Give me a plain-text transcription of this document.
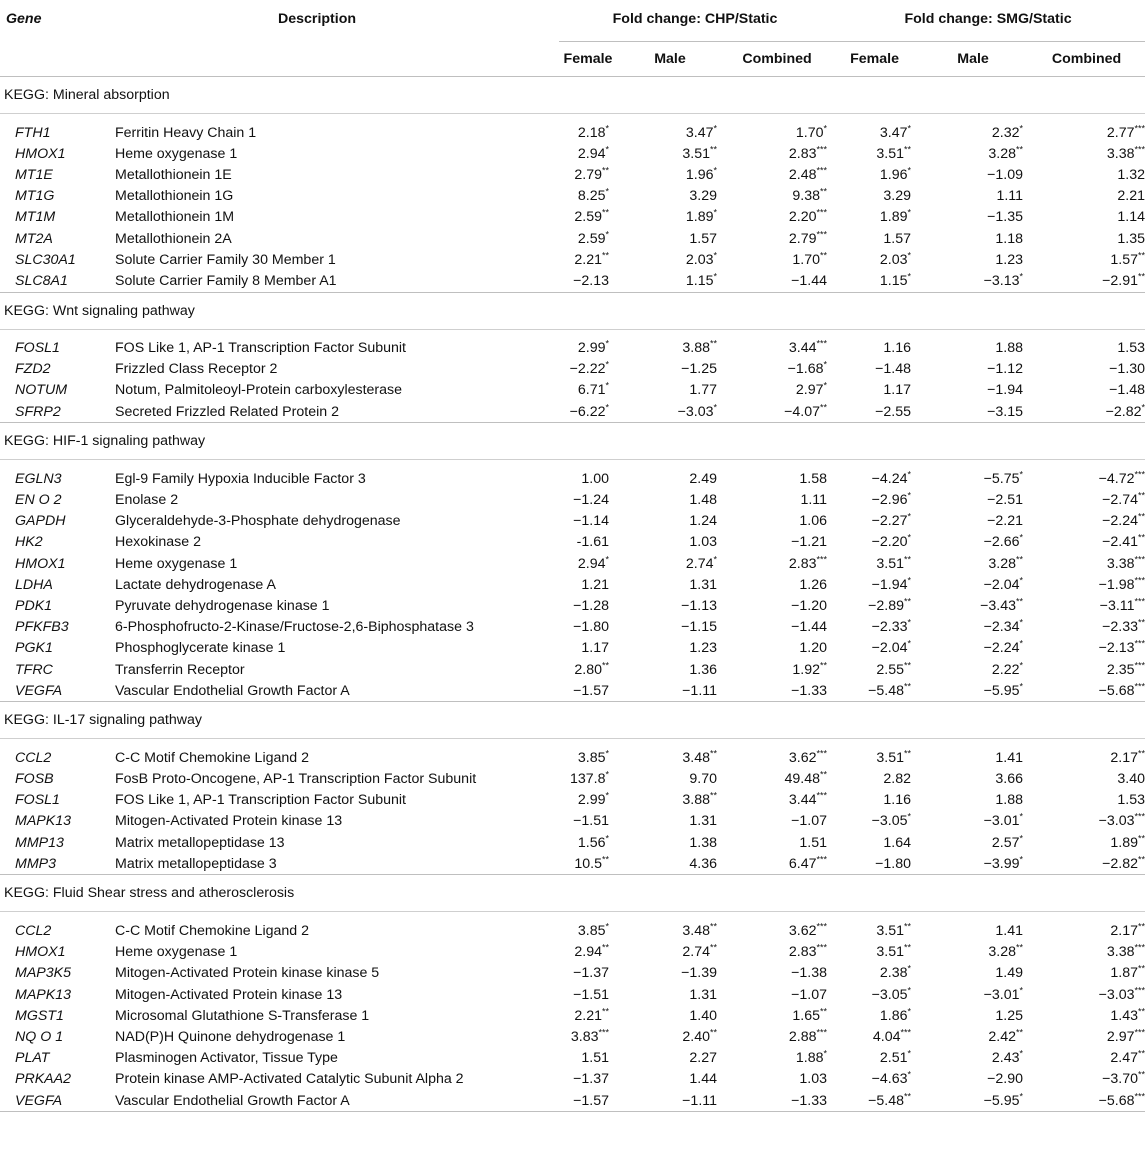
Gene	Description	Fold change: CHP/Static			Fold change: SMG/Static		
		Female	Male	Combined	Female	Male	Combined
KEGG: Mineral absorption							

FTH1	Ferritin Heavy Chain 1	2.18*	3.47*	1.70*	3.47*	2.32*	2.77***
HMOX1	Heme oxygenase 1	2.94*	3.51**	2.83***	3.51**	3.28**	3.38***
MT1E	Metallothionein 1E	2.79**	1.96*	2.48***	1.96*	−1.09	1.32
MT1G	Metallothionein 1G	8.25*	3.29	9.38**	3.29	1.11	2.21
MT1M	Metallothionein 1M	2.59**	1.89*	2.20***	1.89*	−1.35	1.14
MT2A	Metallothionein 2A	2.59*	1.57	2.79***	1.57	1.18	1.35
SLC30A1	Solute Carrier Family 30 Member 1	2.21**	2.03*	1.70**	2.03*	1.23	1.57**
SLC8A1	Solute Carrier Family 8 Member A1	−2.13	1.15*	−1.44	1.15*	−3.13*	−2.91**
KEGG: Wnt signaling pathway							

FOSL1	FOS Like 1, AP-1 Transcription Factor Subunit	2.99*	3.88**	3.44***	1.16	1.88	1.53
FZD2	Frizzled Class Receptor 2	−2.22*	−1.25	−1.68*	−1.48	−1.12	−1.30
NOTUM	Notum, Palmitoleoyl-Protein carboxylesterase	6.71*	1.77	2.97*	1.17	−1.94	−1.48
SFRP2	Secreted Frizzled Related Protein 2	−6.22*	−3.03*	−4.07**	−2.55	−3.15	−2.82*
KEGG: HIF-1 signaling pathway							

EGLN3	Egl-9 Family Hypoxia Inducible Factor 3	1.00	2.49	1.58	−4.24*	−5.75*	−4.72***
EN O 2	Enolase 2	−1.24	1.48	1.11	−2.96*	−2.51	−2.74**
GAPDH	Glyceraldehyde-3-Phosphate dehydrogenase	−1.14	1.24	1.06	−2.27*	−2.21	−2.24**
HK2	Hexokinase 2	-1.61	1.03	−1.21	−2.20*	−2.66*	−2.41**
HMOX1	Heme oxygenase 1	2.94*	2.74*	2.83***	3.51**	3.28**	3.38***
LDHA	Lactate dehydrogenase A	1.21	1.31	1.26	−1.94*	−2.04*	−1.98***
PDK1	Pyruvate dehydrogenase kinase 1	−1.28	−1.13	−1.20	−2.89**	−3.43**	−3.11***
PFKFB3	6-Phosphofructo-2-Kinase/Fructose-2,6-Biphosphatase 3	−1.80	−1.15	−1.44	−2.33*	−2.34*	−2.33**
PGK1	Phosphoglycerate kinase 1	1.17	1.23	1.20	−2.04*	−2.24*	−2.13***
TFRC	Transferrin Receptor	2.80**	1.36	1.92**	2.55**	2.22*	2.35***
VEGFA	Vascular Endothelial Growth Factor A	−1.57	−1.11	−1.33	−5.48**	−5.95*	−5.68***
KEGG: IL-17 signaling pathway							

CCL2	C-C Motif Chemokine Ligand 2	3.85*	3.48**	3.62***	3.51**	1.41	2.17**
FOSB	FosB Proto-Oncogene, AP-1 Transcription Factor Subunit	137.8*	9.70	49.48**	2.82	3.66	3.40
FOSL1	FOS Like 1, AP-1 Transcription Factor Subunit	2.99*	3.88**	3.44***	1.16	1.88	1.53
MAPK13	Mitogen-Activated Protein kinase 13	−1.51	1.31	−1.07	−3.05*	−3.01*	−3.03***
MMP13	Matrix metallopeptidase 13	1.56*	1.38	1.51	1.64	2.57*	1.89**
MMP3	Matrix metallopeptidase 3	10.5**	4.36	6.47***	−1.80	−3.99*	−2.82**
KEGG: Fluid Shear stress and atherosclerosis							

CCL2	C-C Motif Chemokine Ligand 2	3.85*	3.48**	3.62***	3.51**	1.41	2.17**
HMOX1	Heme oxygenase 1	2.94**	2.74**	2.83***	3.51**	3.28**	3.38***
MAP3K5	Mitogen-Activated Protein kinase kinase 5	−1.37	−1.39	−1.38	2.38*	1.49	1.87**
MAPK13	Mitogen-Activated Protein kinase 13	−1.51	1.31	−1.07	−3.05*	−3.01*	−3.03***
MGST1	Microsomal Glutathione S-Transferase 1	2.21**	1.40	1.65**	1.86*	1.25	1.43**
NQ O 1	NAD(P)H Quinone dehydrogenase 1	3.83***	2.40**	2.88***	4.04***	2.42**	2.97***
PLAT	Plasminogen Activator, Tissue Type	1.51	2.27	1.88*	2.51*	2.43*	2.47**
PRKAA2	Protein kinase AMP-Activated Catalytic Subunit Alpha 2	−1.37	1.44	1.03	−4.63*	−2.90	−3.70**
VEGFA	Vascular Endothelial Growth Factor A	−1.57	−1.11	−1.33	−5.48**	−5.95*	−5.68***
